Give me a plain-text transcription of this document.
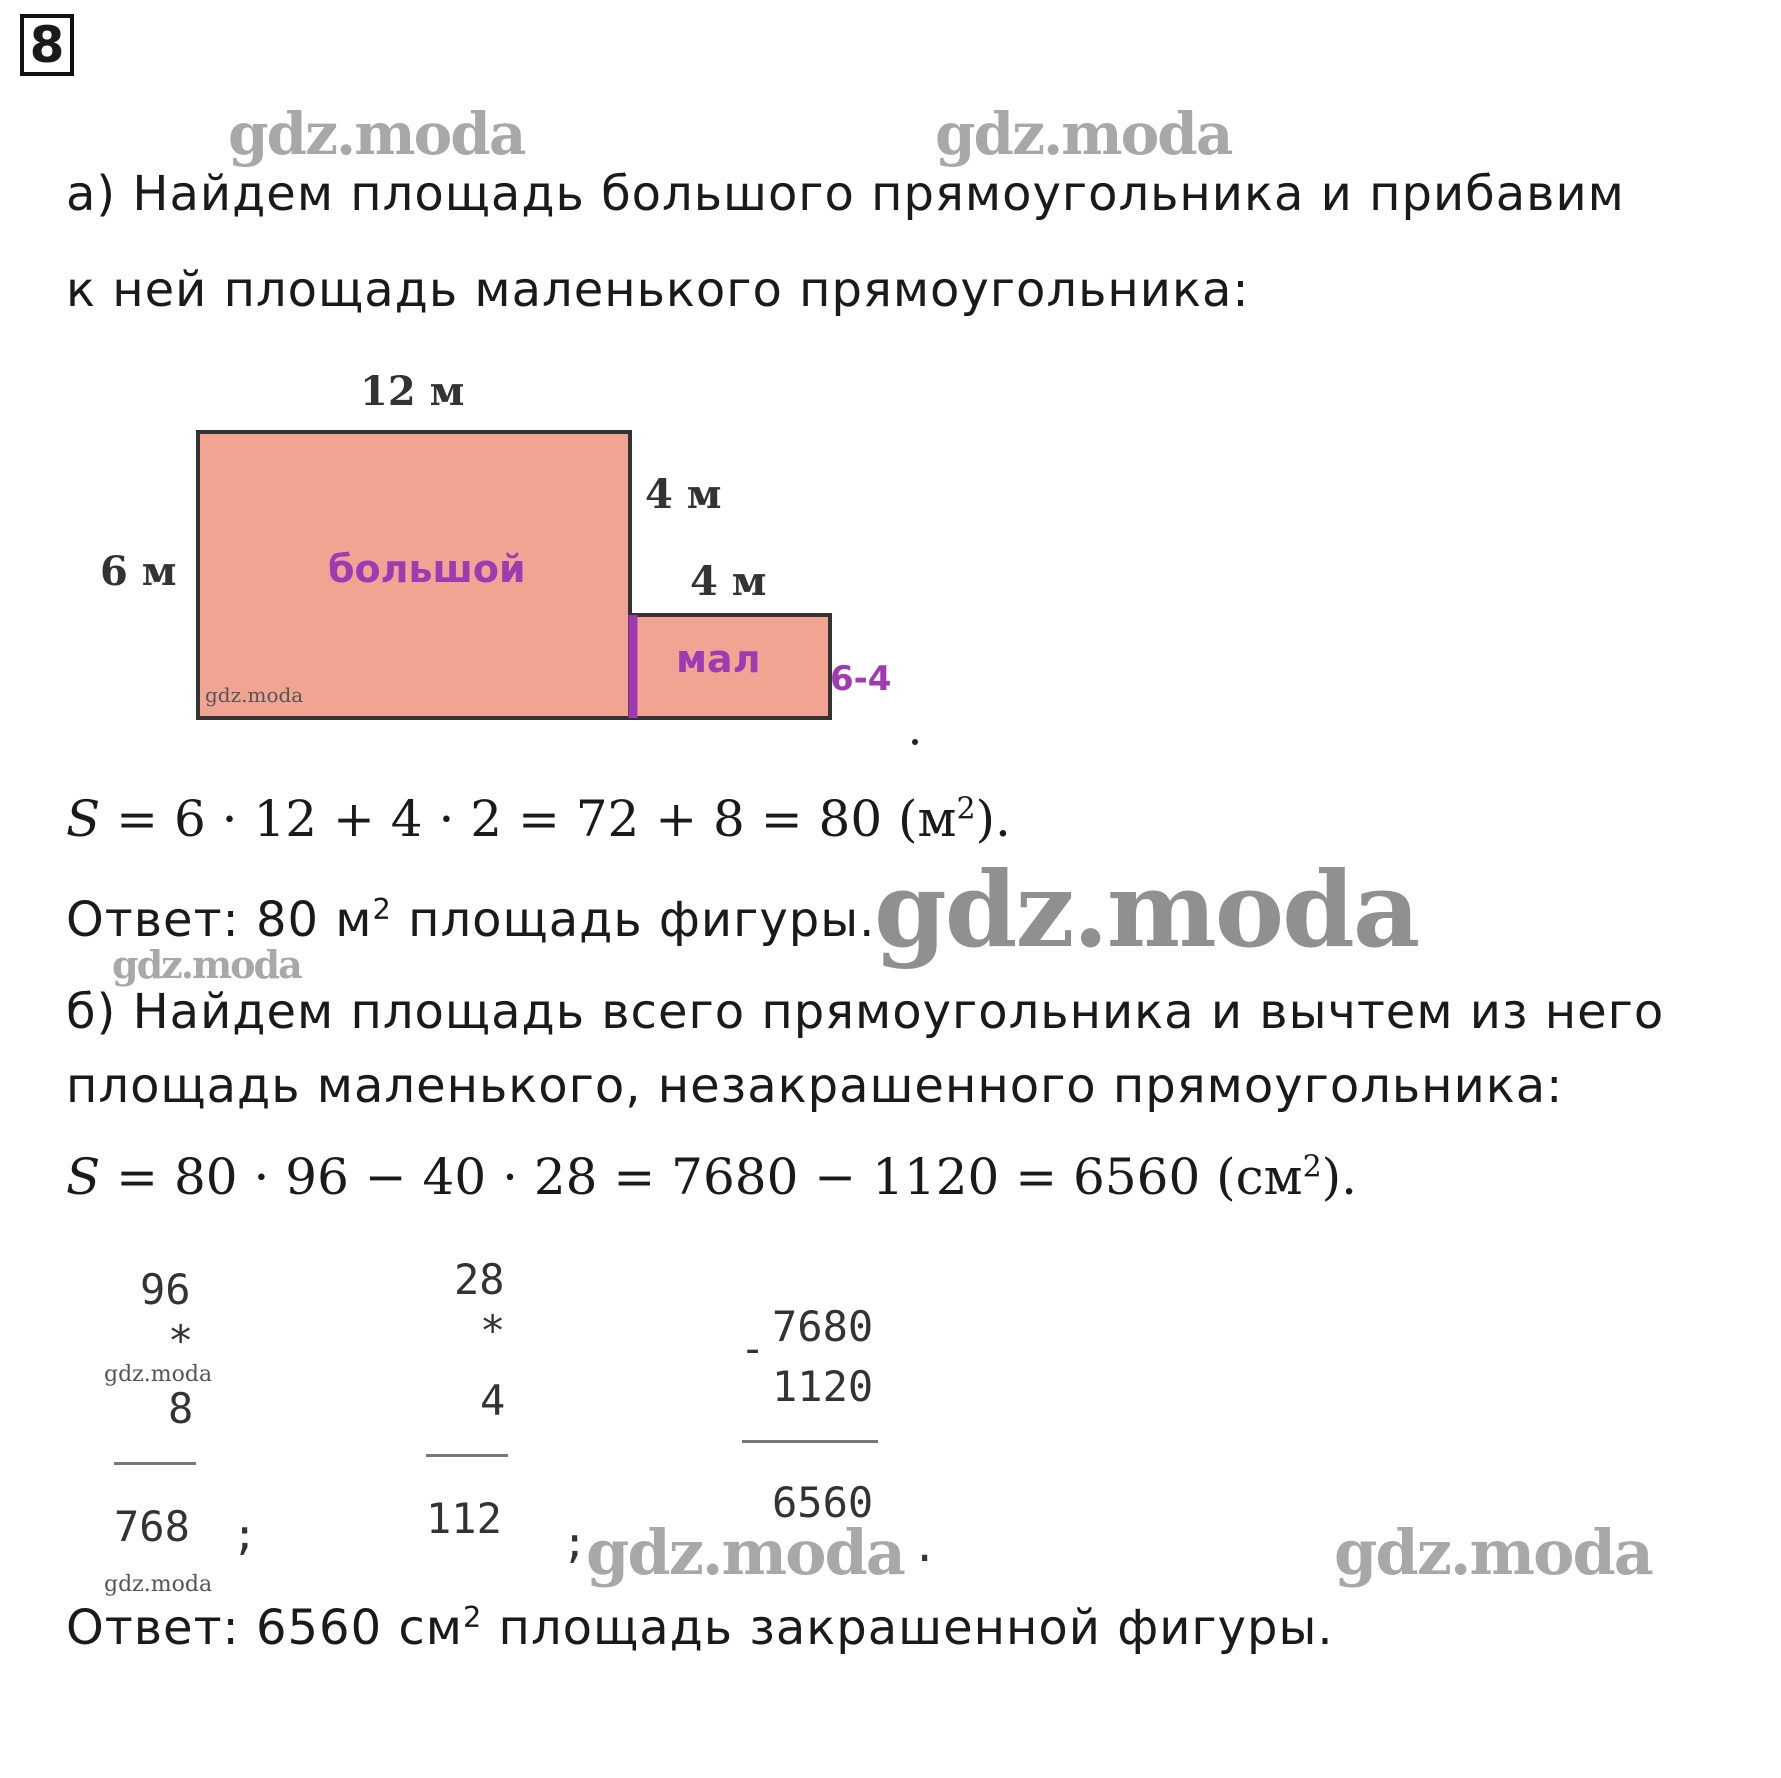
8
gdz.moda	gdz.moda
а) Найдем площадь большого прямоугольника и прибавим
к ней площадь маленького прямоугольника:
12 м
6 м
4 м
4 м
6-4
большой
мал
gdz.moda
S = 6 · 12 + 4 · 2 = 72 + 8 = 80 $(м^2)$.
Ответ: 80 $м^2$ площадь фигуры.
gdz.moda
gdz.moda
б) Найдем площадь всего прямоугольника и вычтем из него
площадь маленького, незакрашенного прямоугольника:
S = 80 · 96 − 40 · 28 = 7680 − 1120 = 6560 $(см^2)$.
96
*
gdz.moda
8
768 ;
gdz.moda
28
*
4
112 ;
- 7680
1120
6560
.
gdz.moda	gdz.moda
Ответ: 6560 $см^2$ площадь закрашенной фигуры.
